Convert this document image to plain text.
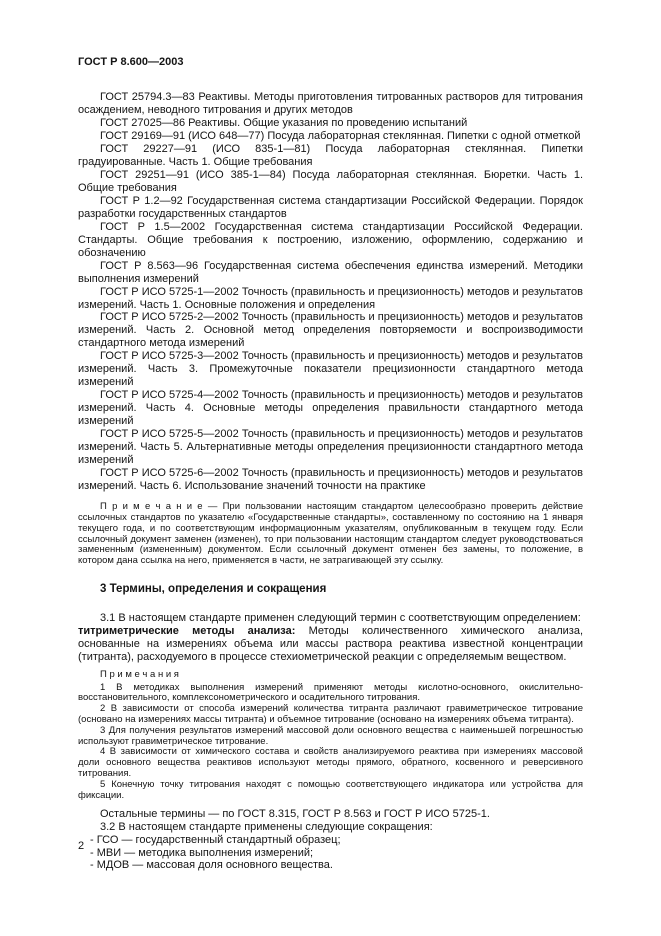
ГОСТ Р 8.600—2003

ГОСТ 25794.3—83 Реактивы. Методы приготовления титрованных растворов для титрования осаждением, неводного титрования и других методов

ГОСТ 27025—86 Реактивы. Общие указания по проведению испытаний

ГОСТ 29169—91 (ИСО 648—77) Посуда лабораторная стеклянная. Пипетки с одной отметкой

ГОСТ 29227—91 (ИСО 835-1—81) Посуда лабораторная стеклянная. Пипетки градуированные. Часть 1. Общие требования

ГОСТ 29251—91 (ИСО 385-1—84) Посуда лабораторная стеклянная. Бюретки. Часть 1. Общие требования

ГОСТ Р 1.2—92 Государственная система стандартизации Российской Федерации. Порядок разработки государственных стандартов

ГОСТ Р 1.5—2002 Государственная система стандартизации Российской Федерации. Стандарты. Общие требования к построению, изложению, оформлению, содержанию и обозначению

ГОСТ Р 8.563—96 Государственная система обеспечения единства измерений. Методики выполнения измерений

ГОСТ Р ИСО 5725-1—2002 Точность (правильность и прецизионность) методов и результатов измерений. Часть 1. Основные положения и определения

ГОСТ Р ИСО 5725-2—2002 Точность (правильность и прецизионность) методов и результатов измерений. Часть 2. Основной метод определения повторяемости и воспроизводимости стандартного метода измерений

ГОСТ Р ИСО 5725-3—2002 Точность (правильность и прецизионность) методов и результатов измерений. Часть 3. Промежуточные показатели прецизионности стандартного метода измерений

ГОСТ Р ИСО 5725-4—2002 Точность (правильность и прецизионность) методов и результатов измерений. Часть 4. Основные методы определения правильности стандартного метода измерений

ГОСТ Р ИСО 5725-5—2002 Точность (правильность и прецизионность) методов и результатов измерений. Часть 5. Альтернативные методы определения прецизионности стандартного метода измерений

ГОСТ Р ИСО 5725-6—2002 Точность (правильность и прецизионность) методов и результатов измерений. Часть 6. Использование значений точности на практике

П р и м е ч а н и е — При пользовании настоящим стандартом целесообразно проверить действие ссылочных стандартов по указателю «Государственные стандарты», составленному по состоянию на 1 января текущего года, и по соответствующим информационным указателям, опубликованным в текущем году. Если ссылочный документ заменен (изменен), то при пользовании настоящим стандартом следует руководствоваться замененным (измененным) документом. Если ссылочный документ отменен без замены, то положение, в котором дана ссылка на него, применяется в части, не затрагивающей эту ссылку.

3 Термины, определения и сокращения

3.1 В настоящем стандарте применен следующий термин с соответствующим определением:

титриметрические методы анализа: Методы количественного химического анализа, основанные на измерениях объема или массы раствора реактива известной концентрации (титранта), расходуемого в процессе стехиометрической реакции с определяемым веществом.

П р и м е ч а н и я

1 В методиках выполнения измерений применяют методы кислотно-основного, окислительно-восстановительного, комплексонометрического и осадительного титрования.

2 В зависимости от способа измерений количества титранта различают гравиметрическое титрование (основано на измерениях массы титранта) и объемное титрование (основано на измерениях объема титранта).

3 Для получения результатов измерений массовой доли основного вещества с наименьшей погрешностью используют гравиметрическое титрование.

4 В зависимости от химического состава и свойств анализируемого реактива при измерениях массовой доли основного вещества реактивов используют методы прямого, обратного, косвенного и реверсивного титрования.

5 Конечную точку титрования находят с помощью соответствующего индикатора или устройства для фиксации.

Остальные термины — по ГОСТ 8.315, ГОСТ Р 8.563 и ГОСТ Р ИСО 5725-1.

3.2 В настоящем стандарте применены следующие сокращения:

- ГСО — государственный стандартный образец;

- МВИ — методика выполнения измерений;

- МДОВ — массовая доля основного вещества.

2
